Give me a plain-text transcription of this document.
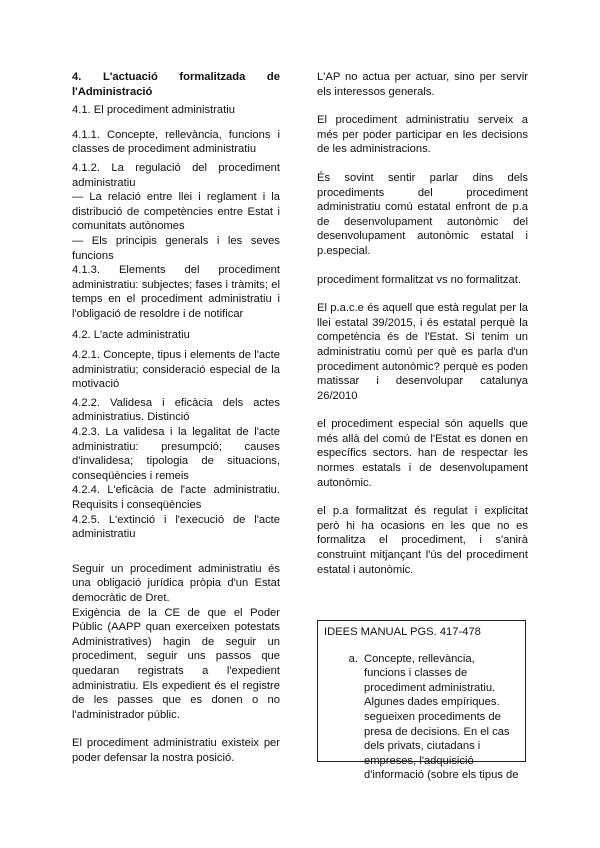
4. L'actuació formalitzada de l'Administració

4.1. El procediment administratiu

4.1.1. Concepte, rellevància, funcions i classes de procediment administratiu

4.1.2. La regulació del procediment administratiu

— La relació entre llei i reglament i la distribució de competències entre Estat i comunitats autònomes

— Els principis generals i les seves funcions

4.1.3. Elements del procediment administratiu: subjectes; fases i tràmits; el temps en el procediment administratiu i l'obligació de resoldre i de notificar

4.2. L'acte administratiu

4.2.1. Concepte, tipus i elements de l'acte administratiu; consideració especial de la motivació

4.2.2. Validesa i eficàcia dels actes administratius. Distinció

4.2.3. La validesa i la legalitat de l'acte administratiu: presumpció; causes d'invalidesa; tipologia de situacions, conseqüències i remeis

4.2.4. L'eficàcia de l'acte administratiu. Requisits i conseqüències

4.2.5. L'extinció i l'execució de l'acte administratiu

Seguir un procediment administratiu és una obligació jurídica pròpia d'un Estat democràtic de Dret.

Exigència de la CE de que el Poder Públic (AAPP quan exerceixen potestats Administratives) hagin de seguir un procediment, seguir uns passos que quedaran registrats a l'expedient administratiu. Els expedient és el registre de les passes que es donen o no l'administrador públic.

El procediment administratiu existeix per poder defensar la nostra posició.

L'AP no actua per actuar, sino per servir els interessos generals.

El procediment administratiu serveix a més per poder participar en les decisions de les administracions.

És sovint sentir parlar dins dels procediments del procediment administratiu comú estatal enfront de p.a de desenvolupament autonòmic del desenvolupament autonòmic estatal i p.especial.

procediment formalitzat vs no formalitzat.

El p.a.c.e és aquell que està regulat per la llei estatal 39/2015, i és estatal perquè la competència és de l'Estat. Si tenim un administratiu comú per què es parla d'un procediment autonòmic? perquè es poden matissar i desenvolupar catalunya 26/2010

el procediment especial són aquells que més allà del comú de l'Estat es donen en específics sectors. han de respectar les normes estatals i de desenvolupament autonòmic.

el p.a formalitzat és regulat i explicitat però hi ha ocasions en les que no es formalitza el procediment, i s'anirà construint mitjançant l'ús del procediment estatal i autonòmic.

IDEES MANUAL PGS. 417-478

a. Concepte, rellevància, funcions i classes de procediment administratiu. Algunes dades empíriques. segueixen procediments de presa de decisions. En el cas dels privats, ciutadans i empreses, l'adquisició d'informació (sobre els tipus de
